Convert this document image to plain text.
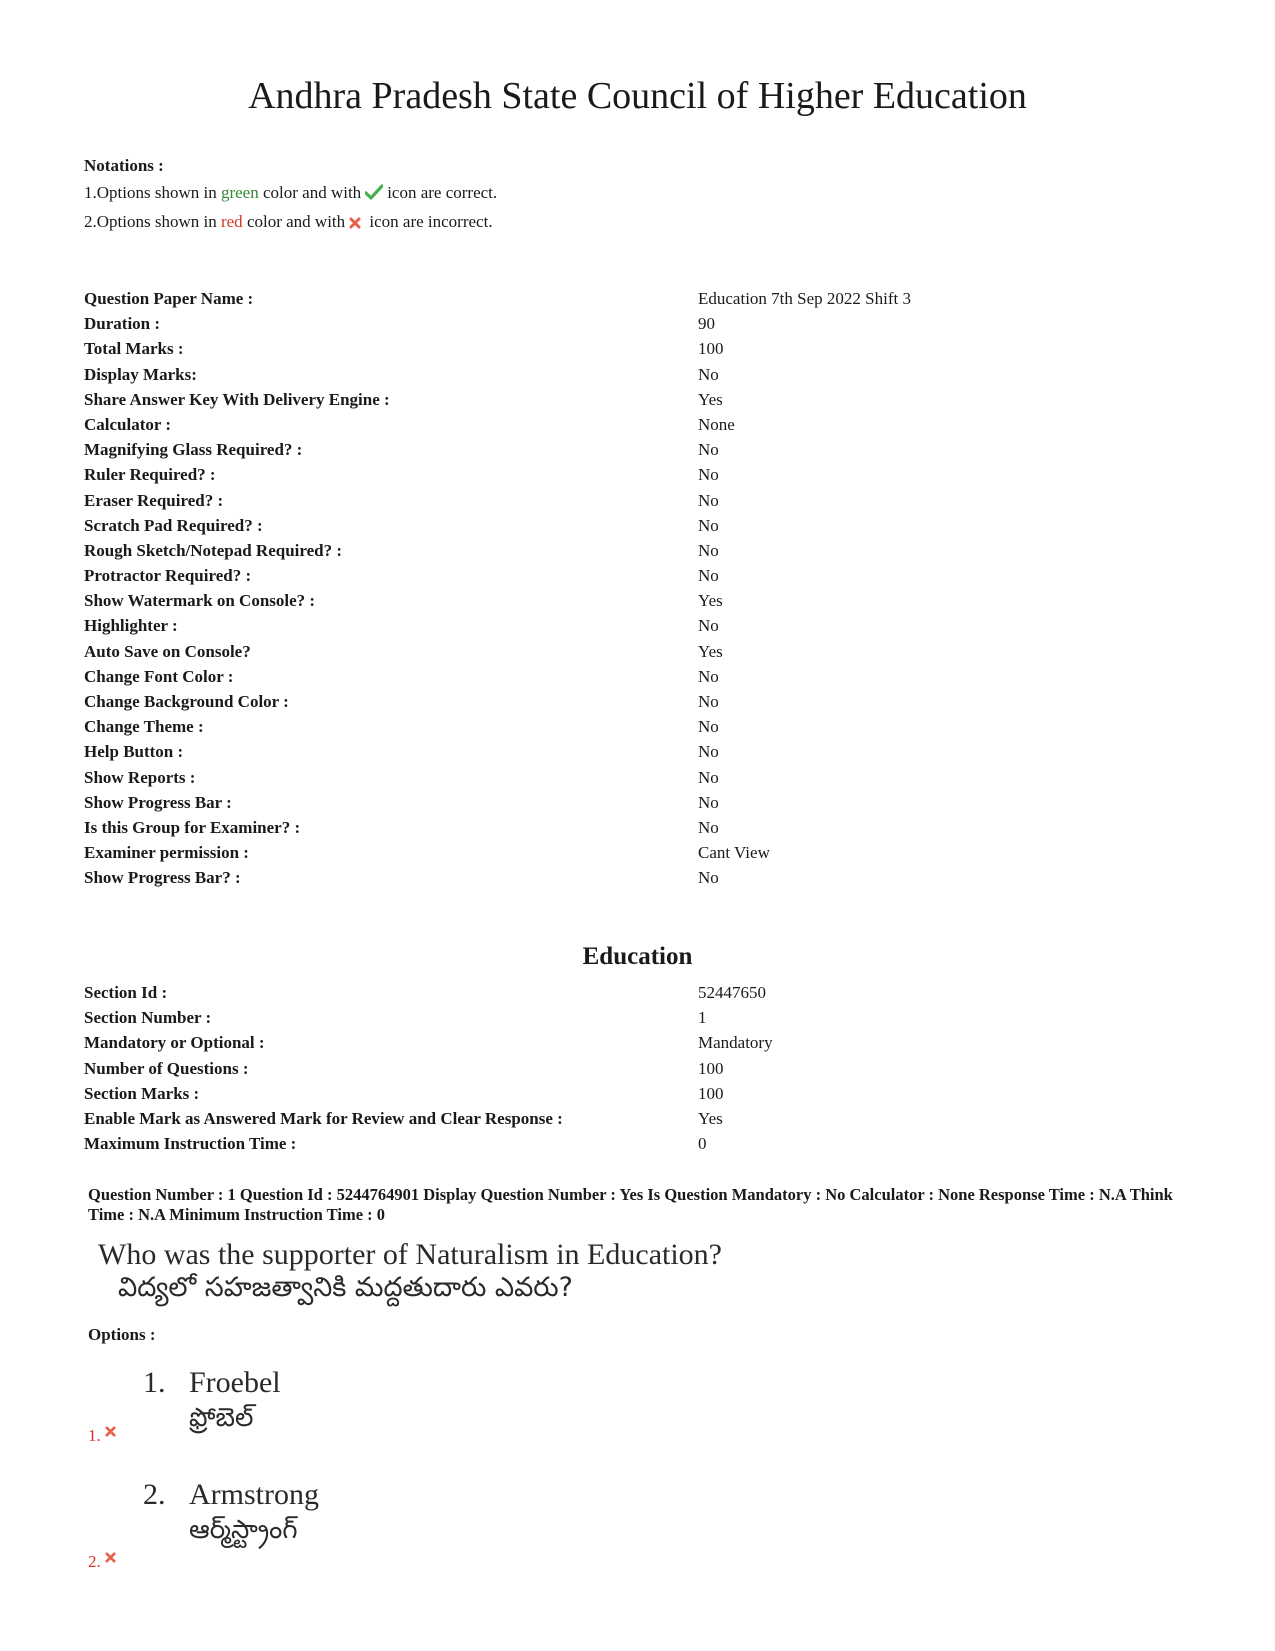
Andhra Pradesh State Council of Higher Education
Notations :
1.Options shown in green color and with icon are correct.
2.Options shown in red color and with icon are incorrect.
Question Paper Name :	Education 7th Sep 2022 Shift 3
Duration :	90
Total Marks :	100
Display Marks:	No
Share Answer Key With Delivery Engine :	Yes
Calculator :	None
Magnifying Glass Required? :	No
Ruler Required? :	No
Eraser Required? :	No
Scratch Pad Required? :	No
Rough Sketch/Notepad Required? :	No
Protractor Required? :	No
Show Watermark on Console? :	Yes
Highlighter :	No
Auto Save on Console?	Yes
Change Font Color :	No
Change Background Color :	No
Change Theme :	No
Help Button :	No
Show Reports :	No
Show Progress Bar :	No
Is this Group for Examiner? :	No
Examiner permission :	Cant View
Show Progress Bar? :	No
Education
Section Id :	52447650
Section Number :	1
Mandatory or Optional :	Mandatory
Number of Questions :	100
Section Marks :	100
Enable Mark as Answered Mark for Review and Clear Response :	Yes
Maximum Instruction Time :	0
Question Number : 1 Question Id : 5244764901 Display Question Number : Yes Is Question Mandatory : No Calculator : None Response Time : N.A Think Time : N.A Minimum Instruction Time : 0
Who was the supporter of Naturalism in Education?
విద్యలో సహజత్వానికి మద్దతుదారు ఎవరు?
Options :
1. Froebel
ఫ్రోబెల్
1.
2. Armstrong
ఆర్మ్‌స్ట్రాంగ్
2.
